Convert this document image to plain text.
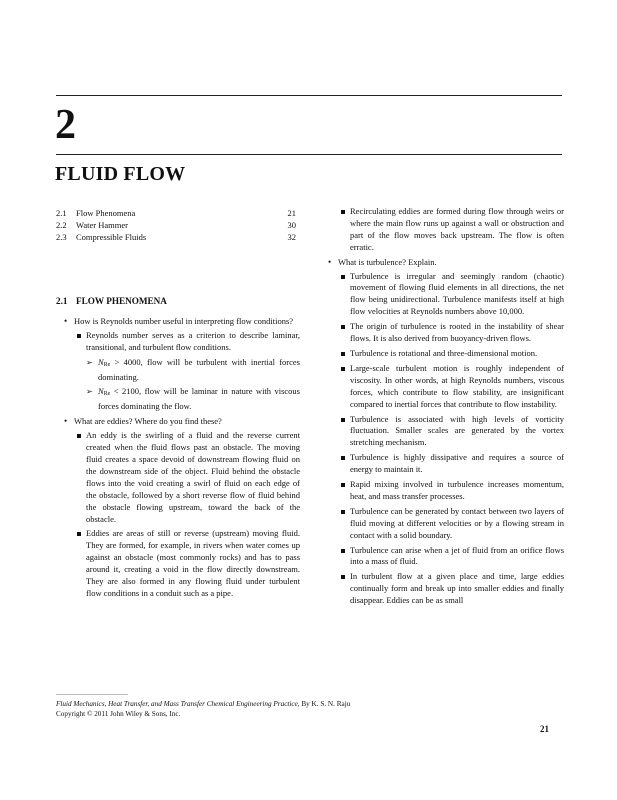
2
FLUID FLOW
2.1 Flow Phenomena	21
2.2 Water Hammer	30
2.3 Compressible Fluids	32
2.1 FLOW PHENOMENA

• How is Reynolds number useful in interpreting flow conditions?

Reynolds number serves as a criterion to describe laminar, transitional, and turbulent flow conditions.

➢ NRe > 4000, flow will be turbulent with inertial forces dominating.

➢ NRe < 2100, flow will be laminar in nature with viscous forces dominating the flow.

• What are eddies? Where do you find these?

An eddy is the swirling of a fluid and the reverse current created when the fluid flows past an obstacle. The moving fluid creates a space devoid of downstream flowing fluid on the downstream side of the object. Fluid behind the obstacle flows into the void creating a swirl of fluid on each edge of the obstacle, followed by a short reverse flow of fluid behind the obstacle flowing upstream, toward the back of the obstacle.

Eddies are areas of still or reverse (upstream) moving fluid. They are formed, for example, in rivers when water comes up against an obstacle (most commonly rocks) and has to pass around it, creating a void in the flow directly downstream. They are also formed in any flowing fluid under turbulent flow conditions in a conduit such as a pipe.

Recirculating eddies are formed during flow through weirs or where the main flow runs up against a wall or obstruction and part of the flow moves back upstream. The flow is often erratic.

• What is turbulence? Explain.

Turbulence is irregular and seemingly random (chaotic) movement of flowing fluid elements in all directions, the net flow being unidirectional. Turbulence manifests itself at high flow velocities at Reynolds numbers above 10,000.

The origin of turbulence is rooted in the instability of shear flows. It is also derived from buoyancy-driven flows.

Turbulence is rotational and three-dimensional motion.

Large-scale turbulent motion is roughly independent of viscosity. In other words, at high Reynolds numbers, viscous forces, which contribute to flow stability, are insignificant compared to inertial forces that contribute to flow instability.

Turbulence is associated with high levels of vorticity fluctuation. Smaller scales are generated by the vortex stretching mechanism.

Turbulence is highly dissipative and requires a source of energy to maintain it.

Rapid mixing involved in turbulence increases momentum, heat, and mass transfer processes.

Turbulence can be generated by contact between two layers of fluid moving at different velocities or by a flowing stream in contact with a solid boundary.

Turbulence can arise when a jet of fluid from an orifice flows into a mass of fluid.

In turbulent flow at a given place and time, large eddies continually form and break up into smaller eddies and finally disappear. Eddies can be as small

Fluid Mechanics, Heat Transfer, and Mass Transfer Chemical Engineering Practice, By K. S. N. Raju
Copyright © 2011 John Wiley & Sons, Inc.
21
